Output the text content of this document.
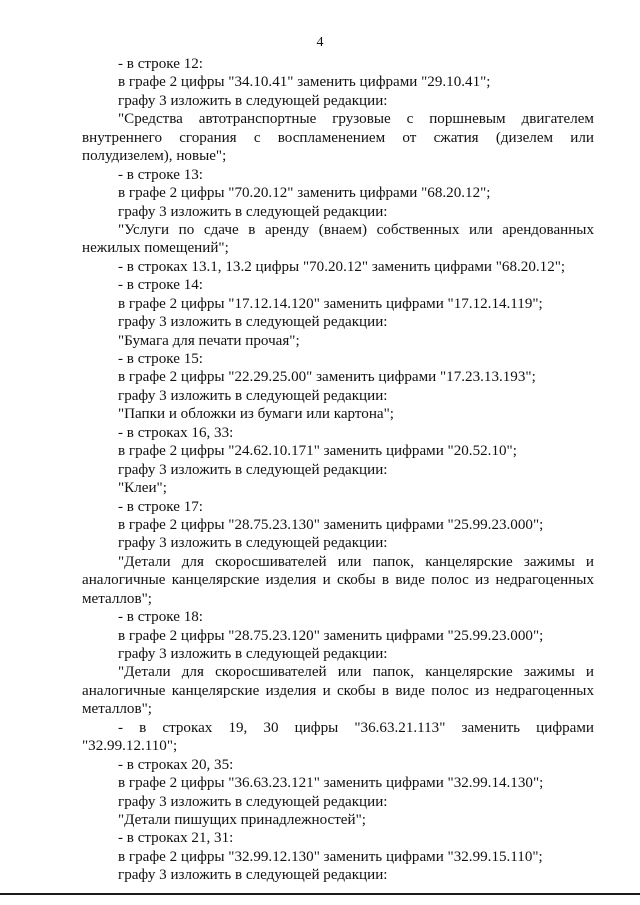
4
- в строке 12:
в графе 2 цифры "34.10.41" заменить цифрами "29.10.41";
графу 3 изложить в следующей редакции:
"Средства автотранспортные грузовые с поршневым двигателем
внутреннего сгорания с воспламенением от сжатия (дизелем или
полудизелем), новые";
- в строке 13:
в графе 2 цифры "70.20.12" заменить цифрами "68.20.12";
графу 3 изложить в следующей редакции:
"Услуги по сдаче в аренду (внаем) собственных или арендованных
нежилых помещений";
- в строках 13.1, 13.2 цифры "70.20.12" заменить цифрами "68.20.12";
- в строке 14:
в графе 2 цифры "17.12.14.120" заменить цифрами "17.12.14.119";
графу 3 изложить в следующей редакции:
"Бумага для печати прочая";
- в строке 15:
в графе 2 цифры "22.29.25.00" заменить цифрами "17.23.13.193";
графу 3 изложить в следующей редакции:
"Папки и обложки из бумаги или картона";
- в строках 16, 33:
в графе 2 цифры "24.62.10.171" заменить цифрами "20.52.10";
графу 3 изложить в следующей редакции:
"Клеи";
- в строке 17:
в графе 2 цифры "28.75.23.130" заменить цифрами "25.99.23.000";
графу 3 изложить в следующей редакции:
"Детали для скоросшивателей или папок, канцелярские зажимы и
аналогичные канцелярские изделия и скобы в виде полос из недрагоценных
металлов";
- в строке 18:
в графе 2 цифры "28.75.23.120" заменить цифрами "25.99.23.000";
графу 3 изложить в следующей редакции:
"Детали для скоросшивателей или папок, канцелярские зажимы и
аналогичные канцелярские изделия и скобы в виде полос из недрагоценных
металлов";
- в строках 19, 30 цифры "36.63.21.113" заменить цифрами
"32.99.12.110";
- в строках 20, 35:
в графе 2 цифры "36.63.23.121" заменить цифрами "32.99.14.130";
графу 3 изложить в следующей редакции:
"Детали пишущих принадлежностей";
- в строках 21, 31:
в графе 2 цифры "32.99.12.130" заменить цифрами "32.99.15.110";
графу 3 изложить в следующей редакции:
